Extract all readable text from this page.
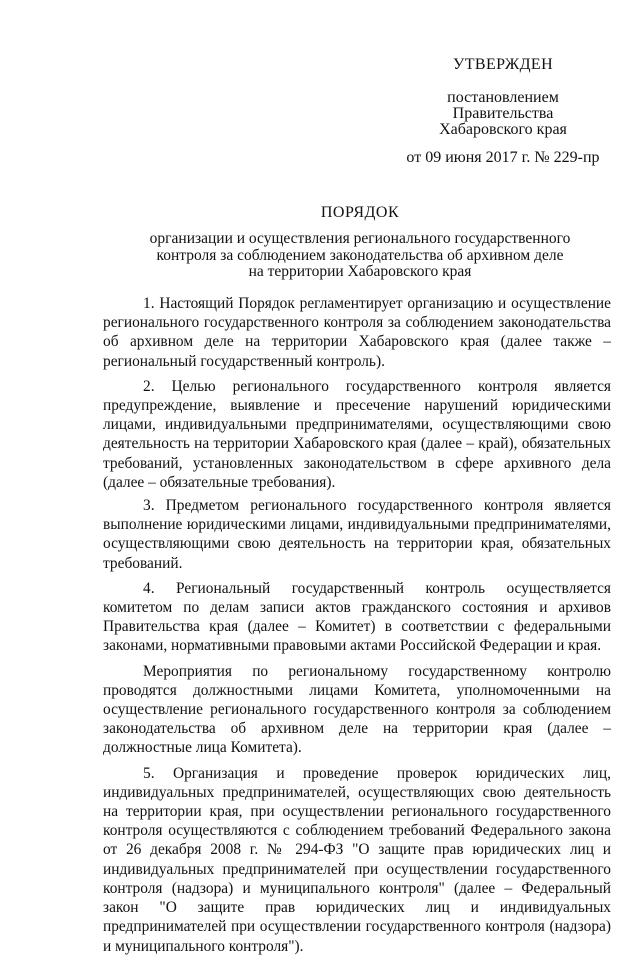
УТВЕРЖДЕН
постановлением
Правительства
Хабаровского края
от 09 июня 2017 г. № 229-пр
ПОРЯДОК
организации и осуществления регионального государственного
контроля за соблюдением законодательства об архивном деле
на территории Хабаровского края

1. Настоящий Порядок регламентирует организацию и осуществление регионального государственного контроля за соблюдением законодательства об архивном деле на территории Хабаровского края (далее также – региональный государственный контроль).

2. Целью регионального государственного контроля является предупреждение, выявление и пресечение нарушений юридическими лицами, индивидуальными предпринимателями, осуществляющими свою деятельность на территории Хабаровского края (далее – край), обязательных требований, установленных законодательством в сфере архивного дела (далее – обязательные требования).

3. Предметом регионального государственного контроля является выполнение юридическими лицами, индивидуальными предпринимателями, осуществляющими свою деятельность на территории края, обязательных требований.

4. Региональный государственный контроль осуществляется комитетом по делам записи актов гражданского состояния и архивов Правительства края (далее – Комитет) в соответствии с федеральными законами, нормативными правовыми актами Российской Федерации и края.

Мероприятия по региональному государственному контролю проводятся должностными лицами Комитета, уполномоченными на осуществление регионального государственного контроля за соблюдением законодательства об архивном деле на территории края (далее – должностные лица Комитета).

5. Организация и проведение проверок юридических лиц, индивидуальных предпринимателей, осуществляющих свою деятельность на территории края, при осуществлении регионального государственного контроля осуществляются с соблюдением требований Федерального закона от 26 декабря 2008 г. № 294-ФЗ "О защите прав юридических лиц и индивидуальных предпринимателей при осуществлении государственного контроля (надзора) и муниципального контроля" (далее – Федеральный закон "О защите прав юридических лиц и индивидуальных предпринимателей при осуществлении государственного контроля (надзора) и муниципального контроля").
